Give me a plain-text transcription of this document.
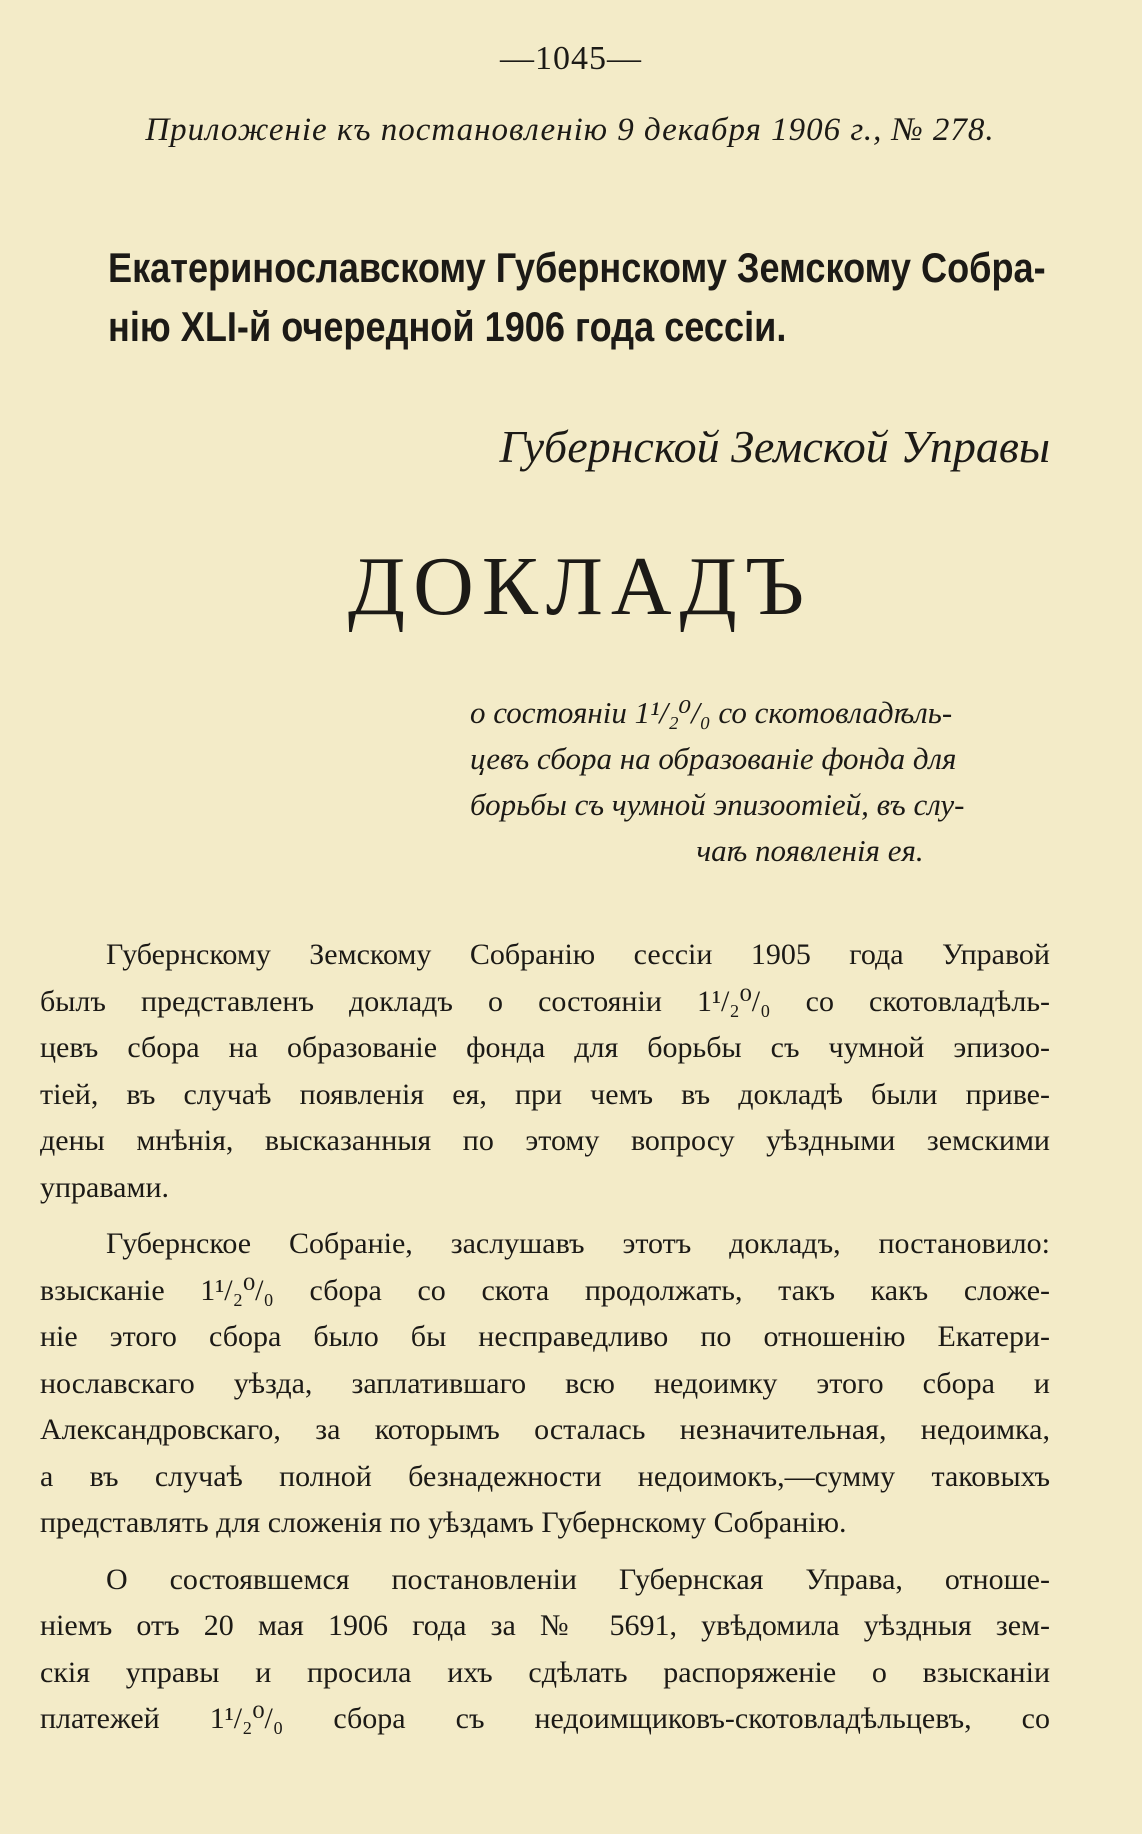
—1045—
Приложеніе къ постановленію 9 декабря 1906 г., № 278.
Екатеринославскому Губернскому Земскому Собра-
нію XLI-й очередной 1906 года сессіи.
Губернской Земской Управы
ДОКЛАДЪ
о состояніи 1¹/₂⁰/₀ со скотовладѣль-
цевъ сбора на образованіе фонда для
борьбы съ чумной эпизоотіей, въ слу-
чаѣ появленія ея.
Губернскому Земскому Собранію сессіи 1905 года Управой
былъ представленъ докладъ о состояніи 1¹/₂⁰/₀ со скотовладѣль-
цевъ сбора на образованіе фонда для борьбы съ чумной эпизоо-
тіей, въ случаѣ появленія ея, при чемъ въ докладѣ были приве-
дены мнѣнія, высказанныя по этому вопросу уѣздными земскими
управами.
Губернское Собраніе, заслушавъ этотъ докладъ, постановило:
взысканіе 1¹/₂⁰/₀ сбора со скота продолжать, такъ какъ сложе-
ніе этого сбора было бы несправедливо по отношенію Екатери-
нославскаго уѣзда, заплатившаго всю недоимку этого сбора и
Александровскаго, за которымъ осталась незначительная, недоимка,
а въ случаѣ полной безнадежности недоимокъ,—сумму таковыхъ
представлять для сложенія по уѣздамъ Губернскому Собранію.
О состоявшемся постановленіи Губернская Управа, отноше-
ніемъ отъ 20 мая 1906 года за № 5691, увѣдомила уѣздныя зем-
скія управы и просила ихъ сдѣлать распоряженіе о взысканіи
платежей 1¹/₂⁰/₀ сбора съ недоимщиковъ-скотовладѣльцевъ, со
